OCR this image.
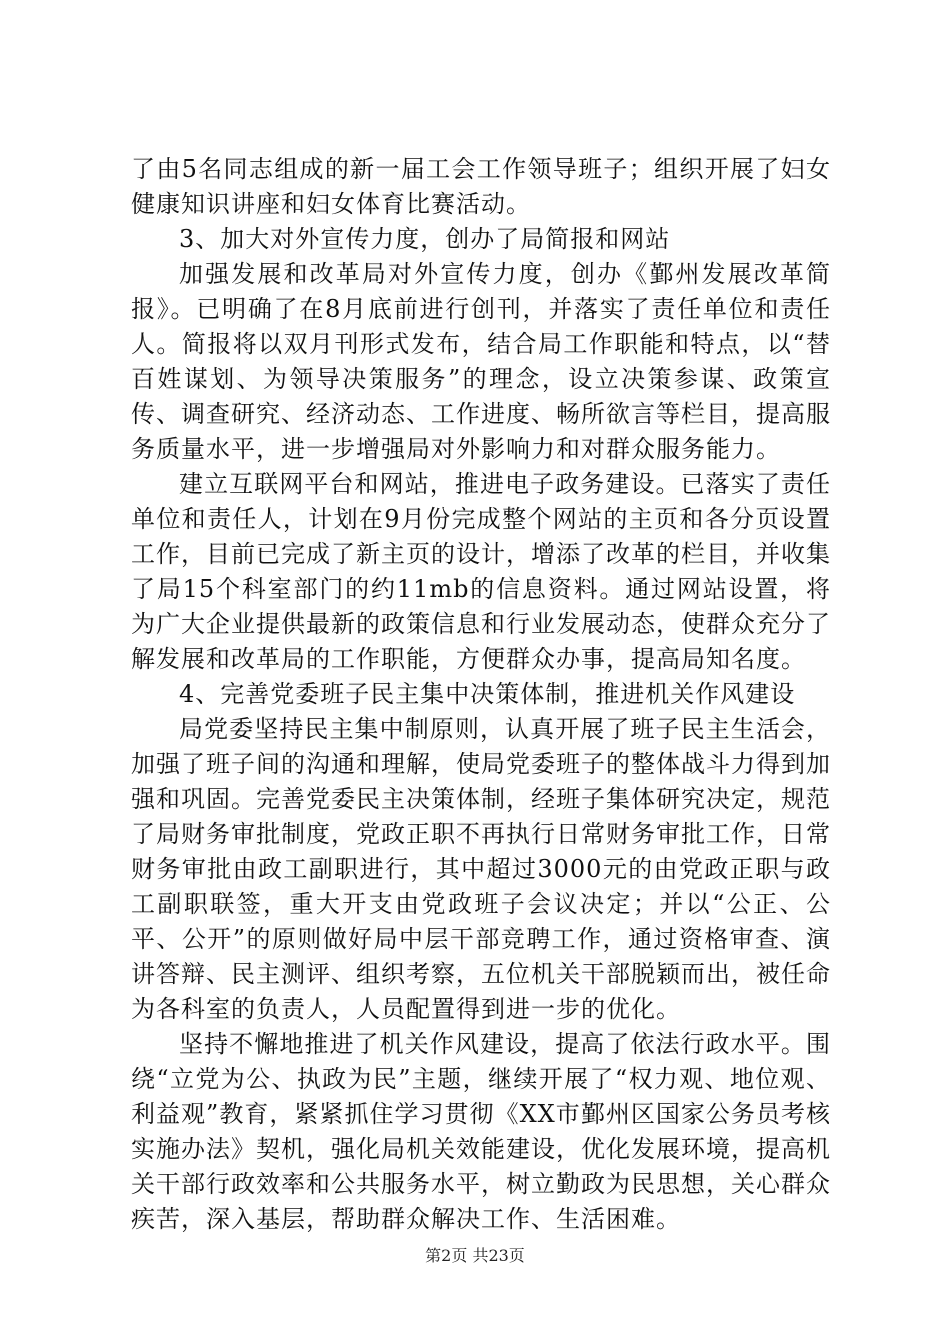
了由5名同志组成的新一届工会工作领导班子；组织开展了妇女健康知识讲座和妇女体育比赛活动。

3、加大对外宣传力度，创办了局简报和网站

加强发展和改革局对外宣传力度，创办《鄞州发展改革简报》。已明确了在8月底前进行创刊，并落实了责任单位和责任人。简报将以双月刊形式发布，结合局工作职能和特点，以“替百姓谋划、为领导决策服务”的理念，设立决策参谋、政策宣传、调查研究、经济动态、工作进度、畅所欲言等栏目，提高服务质量水平，进一步增强局对外影响力和对群众服务能力。

建立互联网平台和网站，推进电子政务建设。已落实了责任单位和责任人，计划在9月份完成整个网站的主页和各分页设置工作，目前已完成了新主页的设计，增添了改革的栏目，并收集了局15个科室部门的约11mb的信息资料。通过网站设置，将为广大企业提供最新的政策信息和行业发展动态，使群众充分了解发展和改革局的工作职能，方便群众办事，提高局知名度。

4、完善党委班子民主集中决策体制，推进机关作风建设

局党委坚持民主集中制原则，认真开展了班子民主生活会，加强了班子间的沟通和理解，使局党委班子的整体战斗力得到加强和巩固。完善党委民主决策体制，经班子集体研究决定，规范了局财务审批制度，党政正职不再执行日常财务审批工作，日常财务审批由政工副职进行，其中超过3000元的由党政正职与政工副职联签，重大开支由党政班子会议决定；并以“公正、公平、公开”的原则做好局中层干部竞聘工作，通过资格审查、演讲答辩、民主测评、组织考察，五位机关干部脱颖而出，被任命为各科室的负责人，人员配置得到进一步的优化。

坚持不懈地推进了机关作风建设，提高了依法行政水平。围绕“立党为公、执政为民”主题，继续开展了“权力观、地位观、利益观”教育，紧紧抓住学习贯彻《XX市鄞州区国家公务员考核实施办法》契机，强化局机关效能建设，优化发展环境，提高机关干部行政效率和公共服务水平，树立勤政为民思想，关心群众疾苦，深入基层，帮助群众解决工作、生活困难。

第2页 共23页
